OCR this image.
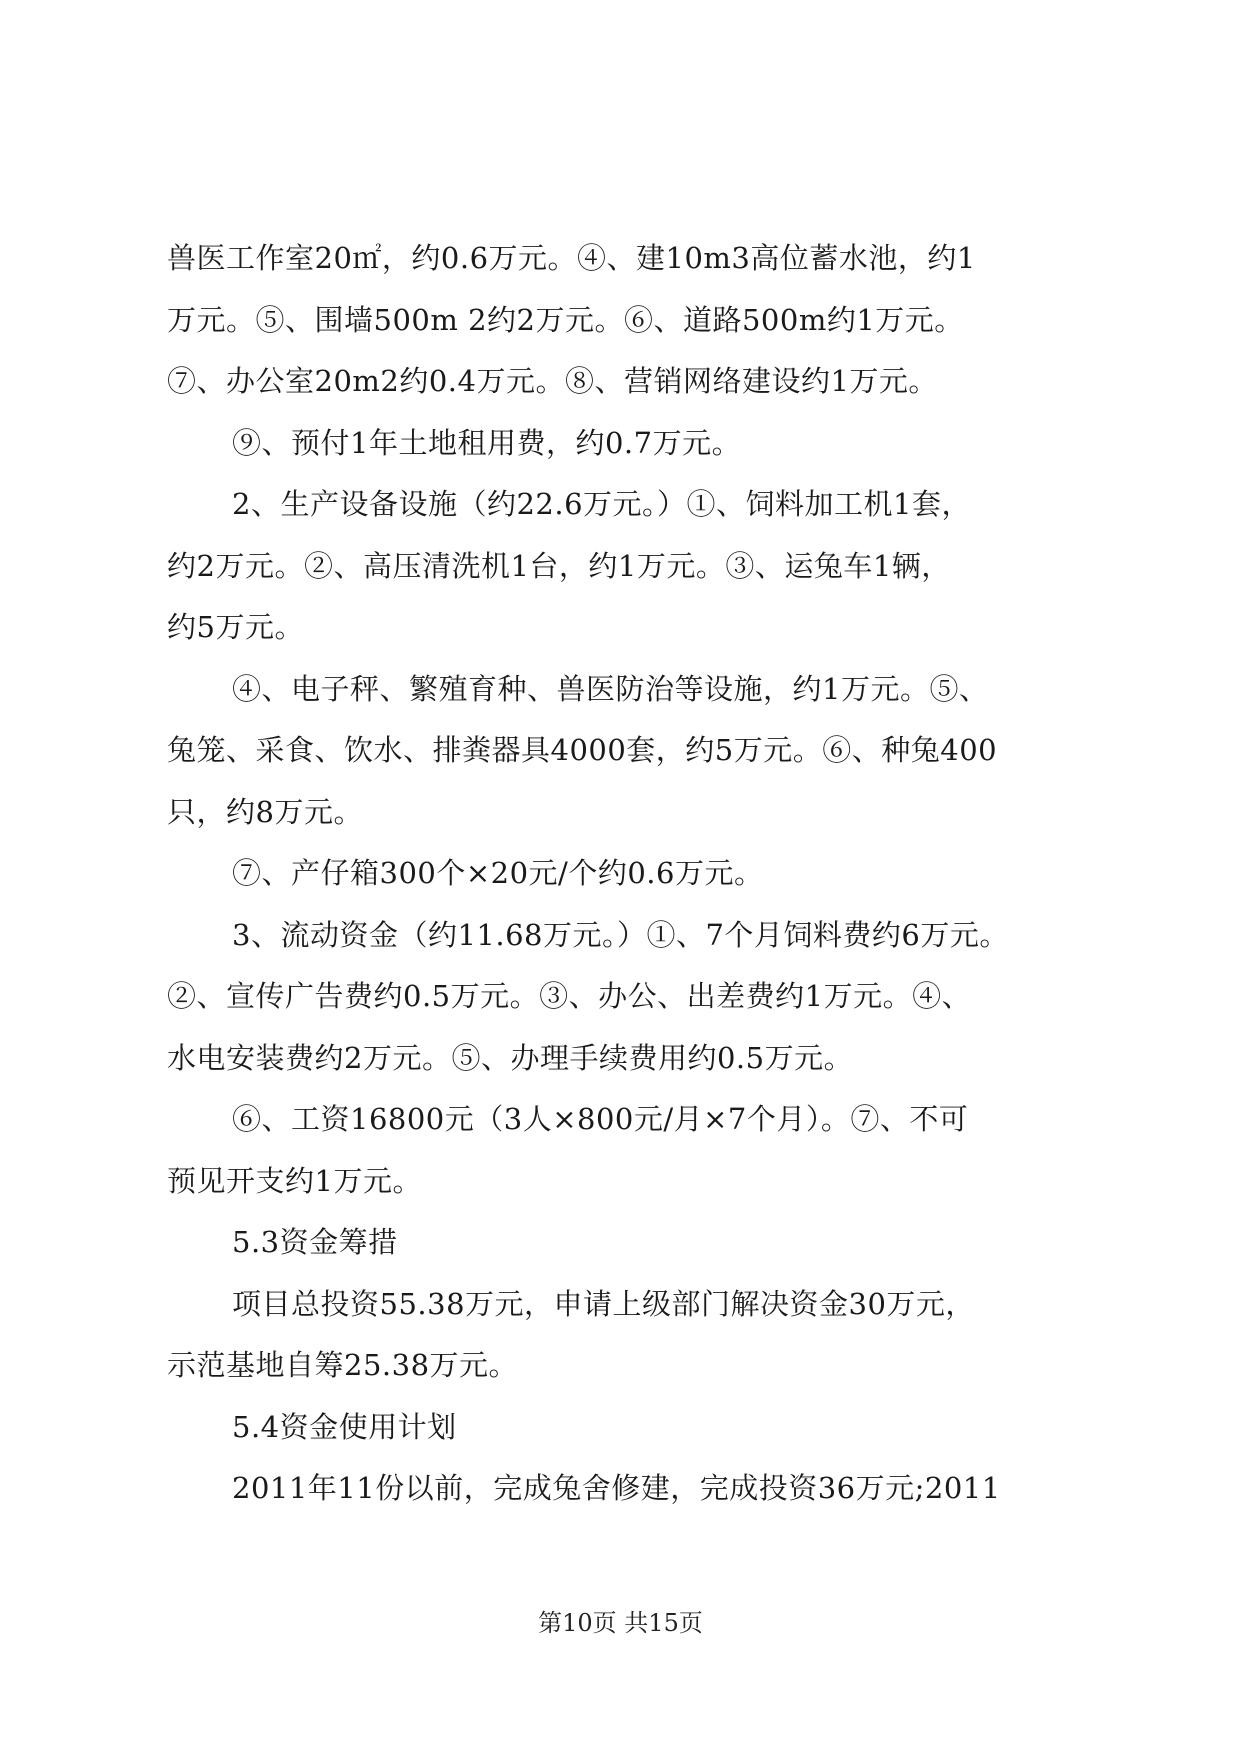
兽医工作室20㎡，约0.6万元。④、建10m3高位蓄水池，约1
万元。⑤、围墙500m 2约2万元。⑥、道路500m约1万元。
⑦、办公室20m2约0.4万元。⑧、营销网络建设约1万元。
⑨、预付1年土地租用费，约0.7万元。
2、生产设备设施（约22.6万元。）①、饲料加工机1套，
约2万元。②、高压清洗机1台，约1万元。③、运兔车1辆，
约5万元。
④、电子秤、繁殖育种、兽医防治等设施，约1万元。⑤、
兔笼、采食、饮水、排粪器具4000套，约5万元。⑥、种兔400
只，约8万元。
⑦、产仔箱300个×20元/个约0.6万元。
3、流动资金（约11.68万元。）①、7个月饲料费约6万元。
②、宣传广告费约0.5万元。③、办公、出差费约1万元。④、
水电安装费约2万元。⑤、办理手续费用约0.5万元。
⑥、工资16800元（3人×800元/月×7个月）。⑦、不可
预见开支约1万元。
5.3资金筹措
项目总投资55.38万元，申请上级部门解决资金30万元，
示范基地自筹25.38万元。
5.4资金使用计划
2011年11份以前，完成兔舍修建，完成投资36万元;2011
第10页 共15页
